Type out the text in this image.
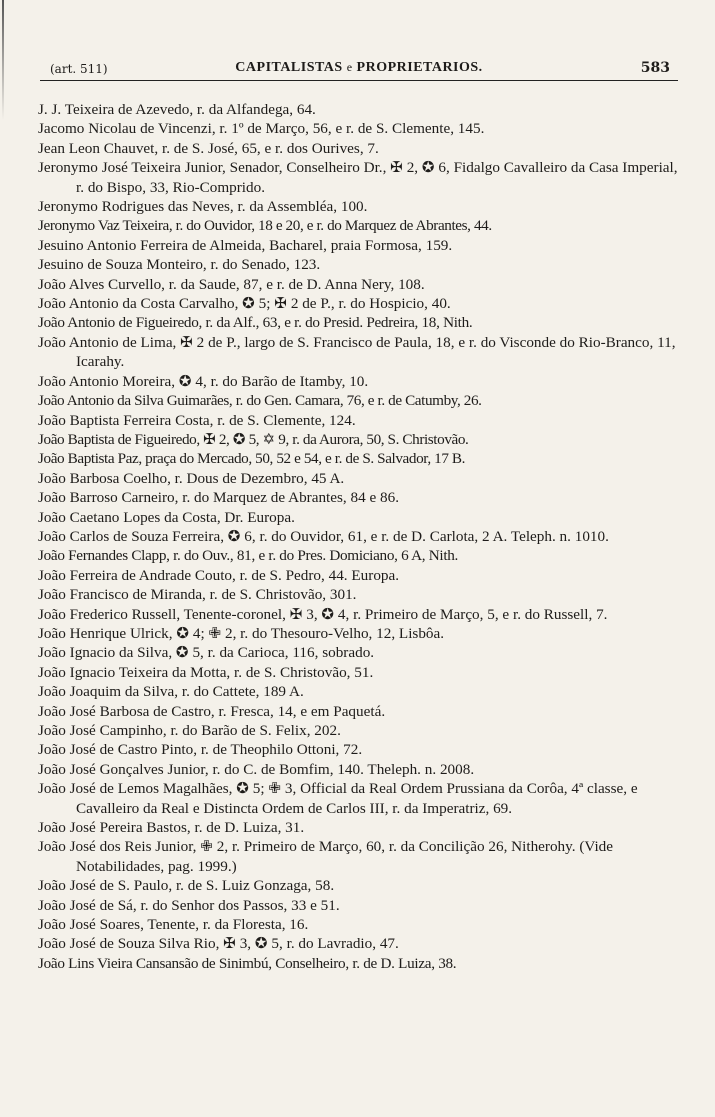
(art. 511)	CAPITALISTAS e PROPRIETARIOS.	583
J. J. Teixeira de Azevedo, r. da Alfandega, 64.
Jacomo Nicolau de Vincenzi, r. 1º de Março, 56, e r. de S. Clemente, 145.
Jean Leon Chauvet, r. de S. José, 65, e r. dos Ourives, 7.
Jeronymo José Teixeira Junior, Senador, Conselheiro Dr., ✠ 2, ✪ 6, Fidalgo Cavalleiro da Casa Imperial, r. do Bispo, 33, Rio-Comprido.
Jeronymo Rodrigues das Neves, r. da Assembléa, 100.
Jeronymo Vaz Teixeira, r. do Ouvidor, 18 e 20, e r. do Marquez de Abrantes, 44.
Jesuino Antonio Ferreira de Almeida, Bacharel, praia Formosa, 159.
Jesuino de Souza Monteiro, r. do Senado, 123.
João Alves Curvello, r. da Saude, 87, e r. de D. Anna Nery, 108.
João Antonio da Costa Carvalho, ✪ 5; ✠ 2 de P., r. do Hospicio, 40.
João Antonio de Figueiredo, r. da Alf., 63, e r. do Presid. Pedreira, 18, Nith.
João Antonio de Lima, ✠ 2 de P., largo de S. Francisco de Paula, 18, e r. do Visconde do Rio-Branco, 11, Icarahy.
João Antonio Moreira, ✪ 4, r. do Barão de Itamby, 10.
João Antonio da Silva Guimarães, r. do Gen. Camara, 76, e r. de Catumby, 26.
João Baptista Ferreira Costa, r. de S. Clemente, 124.
João Baptista de Figueiredo, ✠ 2, ✪ 5, ✡ 9, r. da Aurora, 50, S. Christovão.
João Baptista Paz, praça do Mercado, 50, 52 e 54, e r. de S. Salvador, 17 B.
João Barbosa Coelho, r. Dous de Dezembro, 45 A.
João Barroso Carneiro, r. do Marquez de Abrantes, 84 e 86.
João Caetano Lopes da Costa, Dr. Europa.
João Carlos de Souza Ferreira, ✪ 6, r. do Ouvidor, 61, e r. de D. Carlota, 2 A. Teleph. n. 1010.
João Fernandes Clapp, r. do Ouv., 81, e r. do Pres. Domiciano, 6 A, Nith.
João Ferreira de Andrade Couto, r. de S. Pedro, 44. Europa.
João Francisco de Miranda, r. de S. Christovão, 301.
João Frederico Russell, Tenente-coronel, ✠ 3, ✪ 4, r. Primeiro de Março, 5, e r. do Russell, 7.
João Henrique Ulrick, ✪ 4; ✙ 2, r. do Thesouro-Velho, 12, Lisbôa.
João Ignacio da Silva, ✪ 5, r. da Carioca, 116, sobrado.
João Ignacio Teixeira da Motta, r. de S. Christovão, 51.
João Joaquim da Silva, r. do Cattete, 189 A.
João José Barbosa de Castro, r. Fresca, 14, e em Paquetá.
João José Campinho, r. do Barão de S. Felix, 202.
João José de Castro Pinto, r. de Theophilo Ottoni, 72.
João José Gonçalves Junior, r. do C. de Bomfim, 140. Theleph. n. 2008.
João José de Lemos Magalhães, ✪ 5; ✙ 3, Official da Real Ordem Prussiana da Corôa, 4ª classe, e Cavalleiro da Real e Distincta Ordem de Carlos III, r. da Imperatriz, 69.
João José Pereira Bastos, r. de D. Luiza, 31.
João José dos Reis Junior, ✙ 2, r. Primeiro de Março, 60, r. da Concilição 26, Nitherohy. (Vide Notabilidades, pag. 1999.)
João José de S. Paulo, r. de S. Luiz Gonzaga, 58.
João José de Sá, r. do Senhor dos Passos, 33 e 51.
João José Soares, Tenente, r. da Floresta, 16.
João José de Souza Silva Rio, ✠ 3, ✪ 5, r. do Lavradio, 47.
João Lins Vieira Cansansão de Sinimbú, Conselheiro, r. de D. Luiza, 38.
